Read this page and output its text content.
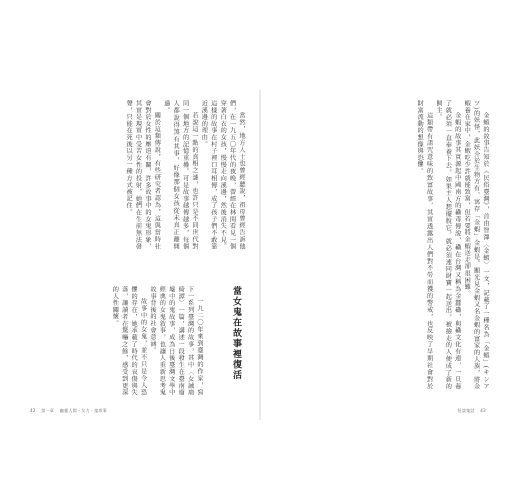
當然，地方人士也曾經聽說，祖母曾經告訴他們，在一九五〇年代的夜晚，曾經在林間看見一個穿著白衣的女孩，慢慢走向溪邊，然後消失不見。這樣的故事在村子裡口耳相傳，成了孩子們不敢靠近溪邊的理由。

若說這一點的真相之謎，也許只是不同世代對同一個地方的記憶重疊。可是故事越傳越多，每個人都說得煞有其事，好像那個女孩從未真正離開過。

關於這類傳說，有些研究者認為，這與當時社會對於女性的壓迫有關，許多故事中的女鬼形象，其實是現實中受苦女性的投射，她們在生前無法發聲，只能在死後以另一種方式被記住。

當女鬼在故事裡復活

一九二〇年來到臺灣的作家，寫下一系列臺灣的故事，其中〈女誡扇綺譚〉一篇，講述一段發生在臺南廢墟中的鬼故事，成為日後臺灣文學中經典的女鬼敘事，也讓人重新思考鬼故事背後的社會意涵。

故事中的女鬼，並不只是令人恐懼的存在，她承載了時代的哀傷與失落，讓讀者在驚嚇之餘，感受到更深的人性關懷。

42 第一章 幽靈人間・女力・鬼故事

金蝦的故事告知於《民俗臺灣》，首由智澤〈金蝦〉一文，記載了一種名為「金蝦」(キンアツ)的妖怪，此妖介於生物方有、寓存「金蝦」金蝦是。顯光見金蝦又名金蝦的富家的人族，將金蝦養在家中，金蝦吃少許就能致富，但若要將金蝦送走卻很困難。

金蝦的故事其實源起中國南方的蠱毒傳說，蠱在台灣又稱為金蠶蠱，與蠱文化有連，一旦養了就必須一直奉養下去，如果主人想擺脫它，就必須連同財寶一起送出，被撿走的人便成了新的飼主。

這類帶有詛咒意味的致富故事，其實透露出人們對不勞而獲的警戒，也反映了早期社會對於財富流動的想像與恐懼。

怪談鬼話 43
